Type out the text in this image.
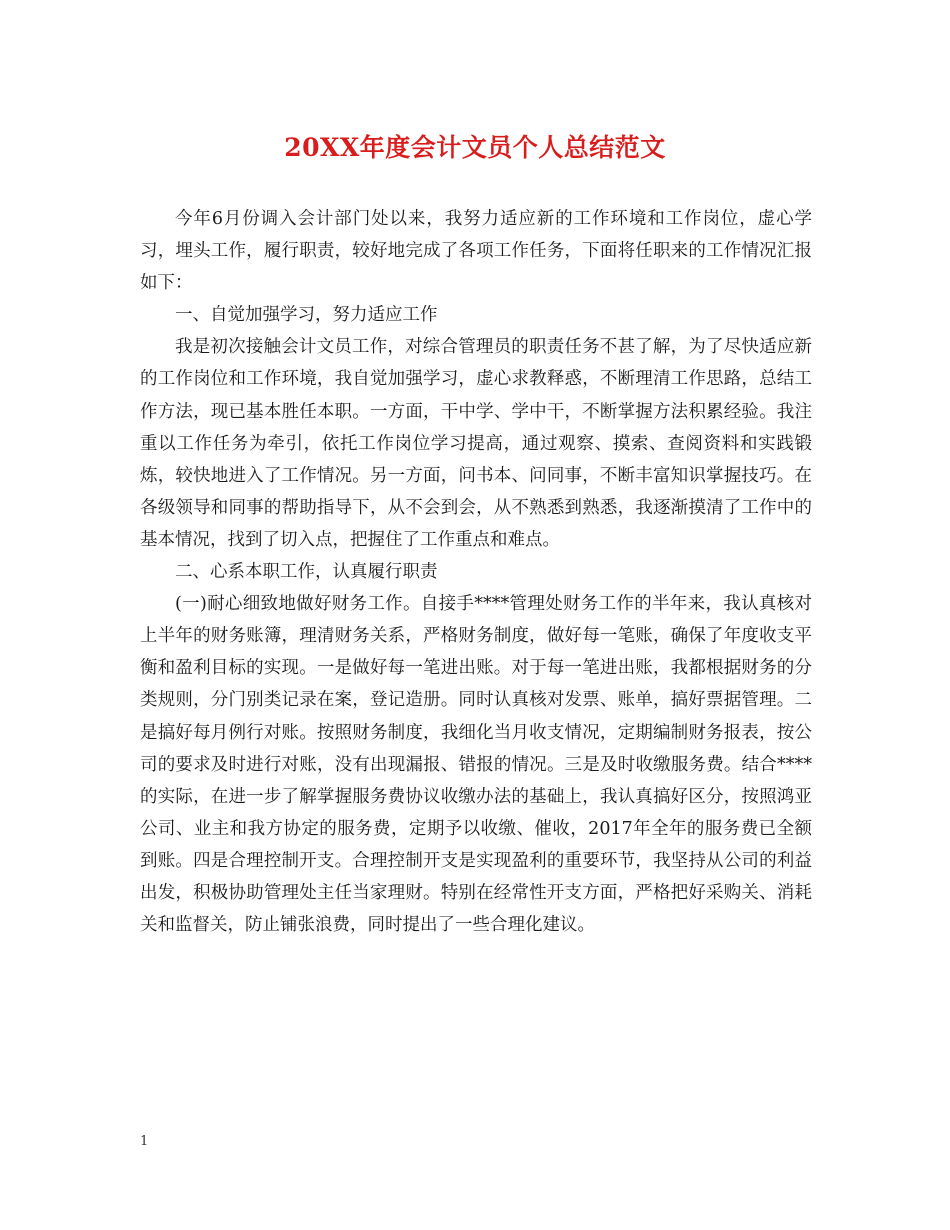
20XX年度会计文员个人总结范文

今年6月份调入会计部门处以来，我努力适应新的工作环境和工作岗位，虚心学习，埋头工作，履行职责，较好地完成了各项工作任务，下面将任职来的工作情况汇报如下：

一、自觉加强学习，努力适应工作

我是初次接触会计文员工作，对综合管理员的职责任务不甚了解，为了尽快适应新的工作岗位和工作环境，我自觉加强学习，虚心求教释惑，不断理清工作思路，总结工作方法，现已基本胜任本职。一方面，干中学、学中干，不断掌握方法积累经验。我注重以工作任务为牵引，依托工作岗位学习提高，通过观察、摸索、查阅资料和实践锻炼，较快地进入了工作情况。另一方面，问书本、问同事，不断丰富知识掌握技巧。在各级领导和同事的帮助指导下，从不会到会，从不熟悉到熟悉，我逐渐摸清了工作中的基本情况，找到了切入点，把握住了工作重点和难点。

二、心系本职工作，认真履行职责

(一)耐心细致地做好财务工作。自接手****管理处财务工作的半年来，我认真核对上半年的财务账簿，理清财务关系，严格财务制度，做好每一笔账，确保了年度收支平衡和盈利目标的实现。一是做好每一笔进出账。对于每一笔进出账，我都根据财务的分类规则，分门别类记录在案，登记造册。同时认真核对发票、账单，搞好票据管理。二是搞好每月例行对账。按照财务制度，我细化当月收支情况，定期编制财务报表，按公司的要求及时进行对账，没有出现漏报、错报的情况。三是及时收缴服务费。结合****的实际，在进一步了解掌握服务费协议收缴办法的基础上，我认真搞好区分，按照鸿亚公司、业主和我方协定的服务费，定期予以收缴、催收，2017年全年的服务费已全额到账。四是合理控制开支。合理控制开支是实现盈利的重要环节，我坚持从公司的利益出发，积极协助管理处主任当家理财。特别在经常性开支方面，严格把好采购关、消耗关和监督关，防止铺张浪费，同时提出了一些合理化建议。

1
